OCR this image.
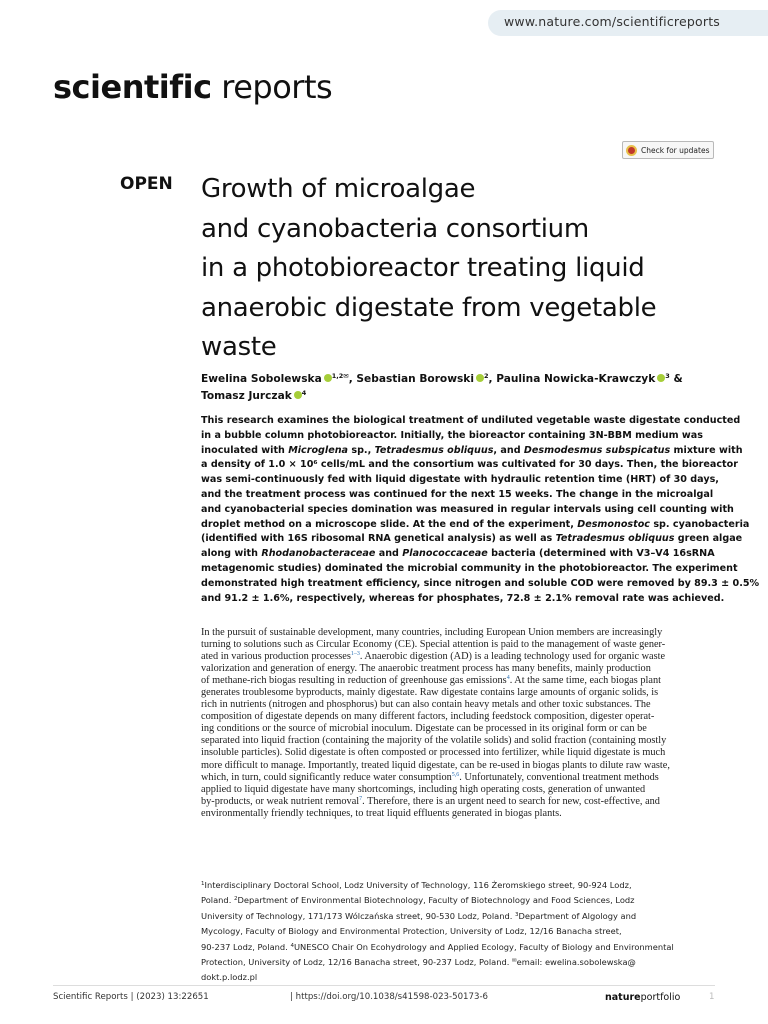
www.nature.com/scientificreports
scientific reports
Check for updates
OPEN Growth of microalgae
and cyanobacteria consortium
in a photobioreactor treating liquid
anaerobic digestate from vegetable
waste
Ewelina Sobolewska $^{1,2✉}$, Sebastian Borowski $^2$, Paulina Nowicka-Krawczyk $^3$ &
Tomasz Jurczak $^4$
This research examines the biological treatment of undiluted vegetable waste digestate conducted
in a bubble column photobioreactor. Initially, the bioreactor containing 3N-BBM medium was
inoculated with Microglena sp., Tetradesmus obliquus, and Desmodesmus subspicatus mixture with
a density of 1.0 × 10⁶ cells/mL and the consortium was cultivated for 30 days. Then, the bioreactor
was semi-continuously fed with liquid digestate with hydraulic retention time (HRT) of 30 days,
and the treatment process was continued for the next 15 weeks. The change in the microalgal
and cyanobacterial species domination was measured in regular intervals using cell counting with
droplet method on a microscope slide. At the end of the experiment, Desmonostoc sp. cyanobacteria
(identified with 16S ribosomal RNA genetical analysis) as well as Tetradesmus obliquus green algae
along with Rhodanobacteraceae and Planococcaceae bacteria (determined with V3–V4 16sRNA
metagenomic studies) dominated the microbial community in the photobioreactor. The experiment
demonstrated high treatment efficiency, since nitrogen and soluble COD were removed by 89.3 ± 0.5%
and 91.2 ± 1.6%, respectively, whereas for phosphates, 72.8 ± 2.1% removal rate was achieved.
In the pursuit of sustainable development, many countries, including European Union members are increasingly
turning to solutions such as Circular Economy (CE). Special attention is paid to the management of waste gener-
ated in various production processes$^{1-3}$. Anaerobic digestion (AD) is a leading technology used for organic waste
valorization and generation of energy. The anaerobic treatment process has many benefits, mainly production
of methane-rich biogas resulting in reduction of greenhouse gas emissions$^4$. At the same time, each biogas plant
generates troublesome byproducts, mainly digestate. Raw digestate contains large amounts of organic solids, is
rich in nutrients (nitrogen and phosphorus) but can also contain heavy metals and other toxic substances. The
composition of digestate depends on many different factors, including feedstock composition, digester operat-
ing conditions or the source of microbial inoculum. Digestate can be processed in its original form or can be
separated into liquid fraction (containing the majority of the volatile solids) and solid fraction (containing mostly
insoluble particles). Solid digestate is often composted or processed into fertilizer, while liquid digestate is much
more difficult to manage. Importantly, treated liquid digestate, can be re-used in biogas plants to dilute raw waste,
which, in turn, could significantly reduce water consumption$^{5,6}$. Unfortunately, conventional treatment methods
applied to liquid digestate have many shortcomings, including high operating costs, generation of unwanted
by-products, or weak nutrient removal$^7$. Therefore, there is an urgent need to search for new, cost-effective, and
environmentally friendly techniques, to treat liquid effluents generated in biogas plants.
$^1$Interdisciplinary Doctoral School, Lodz University of Technology, 116 Żeromskiego street, 90-924 Lodz,
Poland. $^2$Department of Environmental Biotechnology, Faculty of Biotechnology and Food Sciences, Lodz
University of Technology, 171/173 Wólczańska street, 90-530 Lodz, Poland. $^3$Department of Algology and
Mycology, Faculty of Biology and Environmental Protection, University of Lodz, 12/16 Banacha street,
90-237 Lodz, Poland. $^4$UNESCO Chair On Ecohydrology and Applied Ecology, Faculty of Biology and Environmental
Protection, University of Lodz, 12/16 Banacha street, 90-237 Lodz, Poland. ✉email: ewelina.sobolewska@
dokt.p.lodz.pl
Scientific Reports | (2023) 13:22651	| https://doi.org/10.1038/s41598-023-50173-6	natureportfolio	1
